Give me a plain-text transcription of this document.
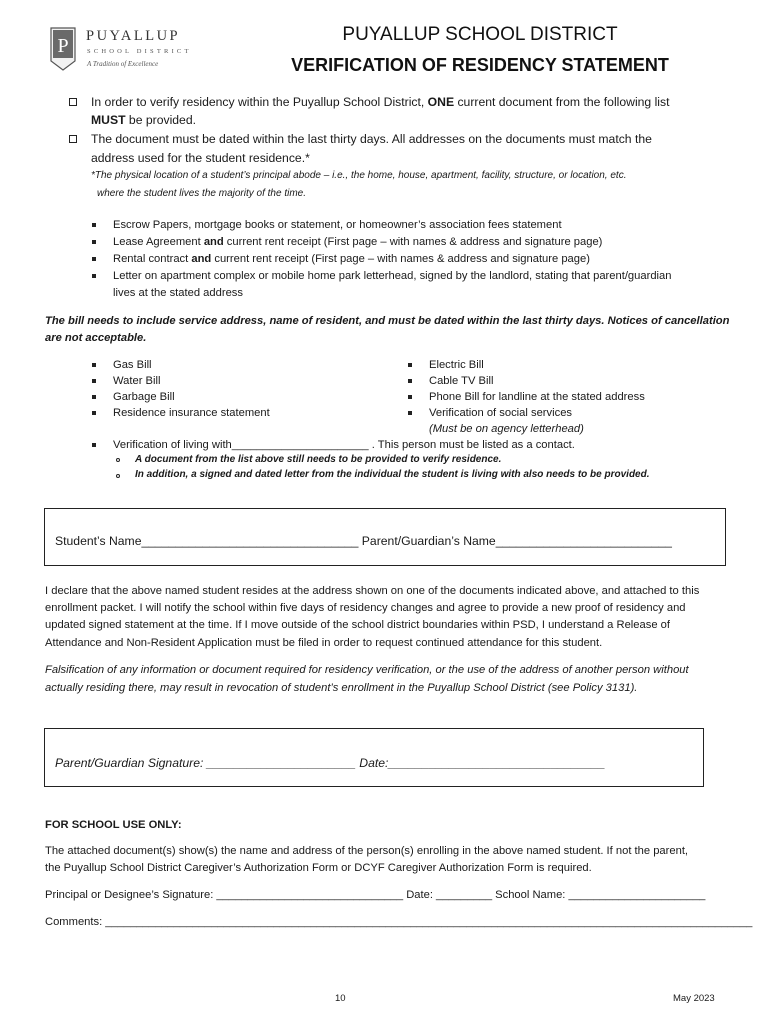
P PUYALLUP
SCHOOL DISTRICT
A Tradition of Excellence
PUYALLUP SCHOOL DISTRICT
VERIFICATION OF RESIDENCY STATEMENT
In order to verify residency within the Puyallup School District, ONE current document from the following list
MUST be provided.
The document must be dated within the last thirty days. All addresses on the documents must match the
address used for the student residence.*
*The physical location of a student’s principal abode – i.e., the home, house, apartment, facility, structure, or location, etc.
where the student lives the majority of the time.
Escrow Papers, mortgage books or statement, or homeowner’s association fees statement
Lease Agreement and current rent receipt (First page – with names & address and signature page)
Rental contract and current rent receipt (First page – with names & address and signature page)
Letter on apartment complex or mobile home park letterhead, signed by the landlord, stating that parent/guardian
lives at the stated address
The bill needs to include service address, name of resident, and must be dated within the last thirty days. Notices of cancellation
are not acceptable.
Gas Bill
Water Bill
Garbage Bill
Residence insurance statement
Electric Bill
Cable TV Bill
Phone Bill for landline at the stated address
Verification of social services
(Must be on agency letterhead)
Verification of living with______________________ . This person must be listed as a contact.
A document from the list above still needs to be provided to verify residence.
In addition, a signed and dated letter from the individual the student is living with also needs to be provided.
Student’s Name________________________________ Parent/Guardian’s Name__________________________
I declare that the above named student resides at the address shown on one of the documents indicated above, and attached to this
enrollment packet. I will notify the school within five days of residency changes and agree to provide a new proof of residency and
updated signed statement at the time. If I move outside of the school district boundaries within PSD, I understand a Release of
Attendance and Non-Resident Application must be filed in order to request continued attendance for this student.
Falsification of any information or document required for residency verification, or the use of the address of another person without
actually residing there, may result in revocation of student’s enrollment in the Puyallup School District (see Policy 3131).
Parent/Guardian Signature: ______________________ Date:________________________________
FOR SCHOOL USE ONLY:
The attached document(s) show(s) the name and address of the person(s) enrolling in the above named student. If not the parent,
the Puyallup School District Caregiver’s Authorization Form or DCYF Caregiver Authorization Form is required.
Principal or Designee’s Signature: ______________________________ Date: _________ School Name: ______________________
Comments: ________________________________________________________________________________________________________
10	May 2023
